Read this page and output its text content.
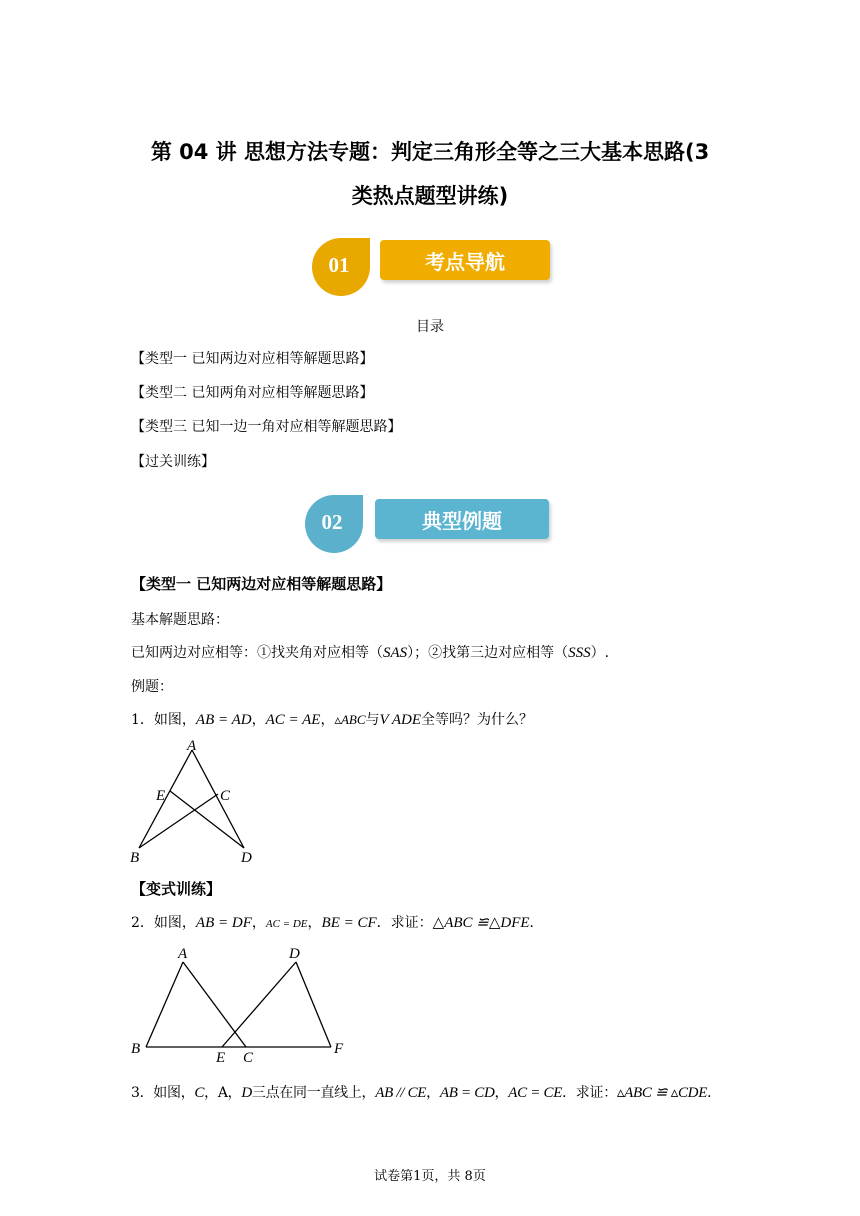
第 04 讲 思想方法专题：判定三角形全等之三大基本思路(3
类热点题型讲练)
01	考点导航
目录
【类型一 已知两边对应相等解题思路】
【类型二 已知两角对应相等解题思路】
【类型三 已知一边一角对应相等解题思路】
【过关训练】
02	典型例题
【类型一 已知两边对应相等解题思路】
基本解题思路：
已知两边对应相等：①找夹角对应相等（SAS）；②找第三边对应相等（SSS）.
例题：
1．如图，AB = AD，AC = AE，▵ABC与V ADE全等吗？为什么？
A
E	C
B	D
【变式训练】
2．如图，AB = DF，AC = DE，BE = CF．求证：△ABC ≌△DFE．
A	D
B
E C
F
3．如图，C，A，D三点在同一直线上，AB // CE，AB = CD，AC = CE．求证：▵ABC ≌ ▵CDE．
试卷第1页，共 8页
